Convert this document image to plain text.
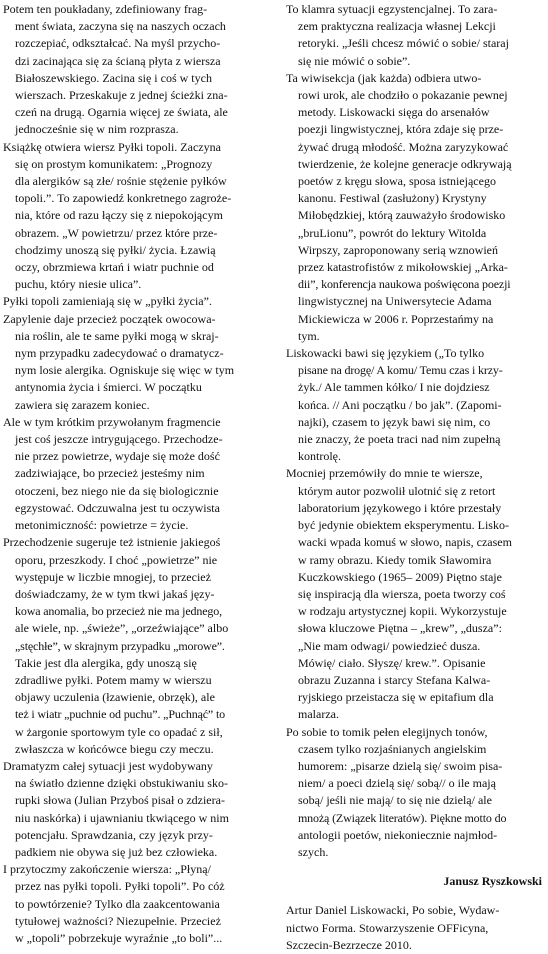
Potem ten poukładany, zdefiniowany frag-

ment świata, zaczyna się na naszych oczach

rozczepiać, odkształcać. Na myśl przycho-

dzi zacinająca się za ścianą płyta z wiersza

Białoszewskiego. Zacina się i coś w tych

wierszach. Przeskakuje z jednej ścieżki zna-

czeń na drugą. Ogarnia więcej ze świata, ale

jednocześnie się w nim rozprasza.

Książkę otwiera wiersz Pyłki topoli. Zaczyna

się on prostym komunikatem: „Prognozy

dla alergików są złe/ rośnie stężenie pyłków

topoli.”. To zapowiedź konkretnego zagroże-

nia, które od razu łączy się z niepokojącym

obrazem. „W powietrzu/ przez które prze-

chodzimy unoszą się pyłki/ życia. Łzawią

oczy, obrzmiewa krtań i wiatr puchnie od

puchu, który niesie ulica”.

Pyłki topoli zamieniają się w „pyłki życia”.

Zapylenie daje przecież początek owocowa-

nia roślin, ale te same pyłki mogą w skraj-

nym przypadku zadecydować o dramatycz-

nym losie alergika. Ogniskuje się więc w tym

antynomia życia i śmierci. W początku

zawiera się zarazem koniec.

Ale w tym krótkim przywołanym fragmencie

jest coś jeszcze intrygującego. Przechodze-

nie przez powietrze, wydaje się może dość

zadziwiające, bo przecież jesteśmy nim

otoczeni, bez niego nie da się biologicznie

egzystować. Odczuwalna jest tu oczywista

metonimiczność: powietrze = życie.

Przechodzenie sugeruje też istnienie jakiegoś

oporu, przeszkody. I choć „powietrze” nie

występuje w liczbie mnogiej, to przecież

doświadczamy, że w tym tkwi jakaś języ-

kowa anomalia, bo przecież nie ma jednego,

ale wiele, np. „świeże”, „orzeźwiające” albo

„stęchłe”, w skrajnym przypadku „morowe”.

Takie jest dla alergika, gdy unoszą się

zdradliwe pyłki. Potem mamy w wierszu

objawy uczulenia (łzawienie, obrzęk), ale

też i wiatr „puchnie od puchu”. „Puchnąć” to

w żargonie sportowym tyle co opadać z sił,

zwłaszcza w końcówce biegu czy meczu.

Dramatyzm całej sytuacji jest wydobywany

na światło dzienne dzięki obstukiwaniu sko-

rupki słowa (Julian Przyboś pisał o zdziera-

niu naskórka) i ujawnianiu tkwiącego w nim

potencjału. Sprawdzania, czy język przy-

padkiem nie obywa się już bez człowieka.

I przytoczmy zakończenie wiersza: „Płyną/

przez nas pyłki topoli. Pyłki topoli”. Po cóż

to powtórzenie? Tylko dla zaakcentowania

tytułowej ważności? Niezupełnie. Przecież

w „topoli” pobrzekuje wyraźnie „to boli”...

To klamra sytuacji egzystencjalnej. To zara-

zem praktyczna realizacja własnej Lekcji

retoryki. „Jeśli chcesz mówić o sobie/ staraj

się nie mówić o sobie”.

Ta wiwisekcja (jak każda) odbiera utwo-

rowi urok, ale chodziło o pokazanie pewnej

metody. Liskowacki sięga do arsenałów

poezji lingwistycznej, która zdaje się prze-

żywać drugą młodość. Można zaryzykować

twierdzenie, że kolejne generacje odkrywają

poetów z kręgu słowa, sposa istniejącego

kanonu. Festiwal (zasłużony) Krystyny

Miłobędzkiej, którą zauważyło środowisko

„bruLionu”, powrót do lektury Witolda

Wirpszy, zaproponowany serią wznowień

przez katastrofistów z mikołowskiej „Arka-

dii”, konferencja naukowa poświęcona poezji

lingwistycznej na Uniwersytecie Adama

Mickiewicza w 2006 r. Poprzestańmy na

tym.

Liskowacki bawi się językiem („To tylko

pisane na drogę/ A komu/ Temu czas i krzy-

żyk./ Ale tammen kółko/ I nie dojdziesz

końca. // Ani początku / bo jak”. (Zapomi-

najki), czasem to język bawi się nim, co

nie znaczy, że poeta traci nad nim zupełną

kontrolę.

Mocniej przemówiły do mnie te wiersze,

którym autor pozwolił ulotnić się z retort

laboratorium językowego i które przestały

być jedynie obiektem eksperymentu. Lisko-

wacki wpada komuś w słowo, napis, czasem

w ramy obrazu. Kiedy tomik Sławomira

Kuczkowskiego (1965– 2009) Piętno staje

się inspiracją dla wiersza, poeta tworzy coś

w rodzaju artystycznej kopii. Wykorzystuje

słowa kluczowe Piętna – „krew”, „dusza”:

„Nie mam odwagi/ powiedzieć dusza.

Mówię/ ciało. Słyszę/ krew.”. Opisanie

obrazu Zuzanna i starcy Stefana Kalwa-

ryjskiego przeistacza się w epitafium dla

malarza.

Po sobie to tomik pełen elegijnych tonów,

czasem tylko rozjaśnianych angielskim

humorem: „pisarze dzielą się/ swoim pisa-

niem/ a poeci dzielą się/ sobą// o ile mają

sobą/ jeśli nie mają/ to się nie dzielą/ ale

mnożą (Związek literatów). Piękne motto do

antologii poetów, niekoniecznie najmłod-

szych.

Janusz Ryszkowski

Artur Daniel Liskowacki, Po sobie, Wydaw-

nictwo Forma. Stowarzyszenie OFFicyna,

Szczecin-Bezrzecze 2010.
